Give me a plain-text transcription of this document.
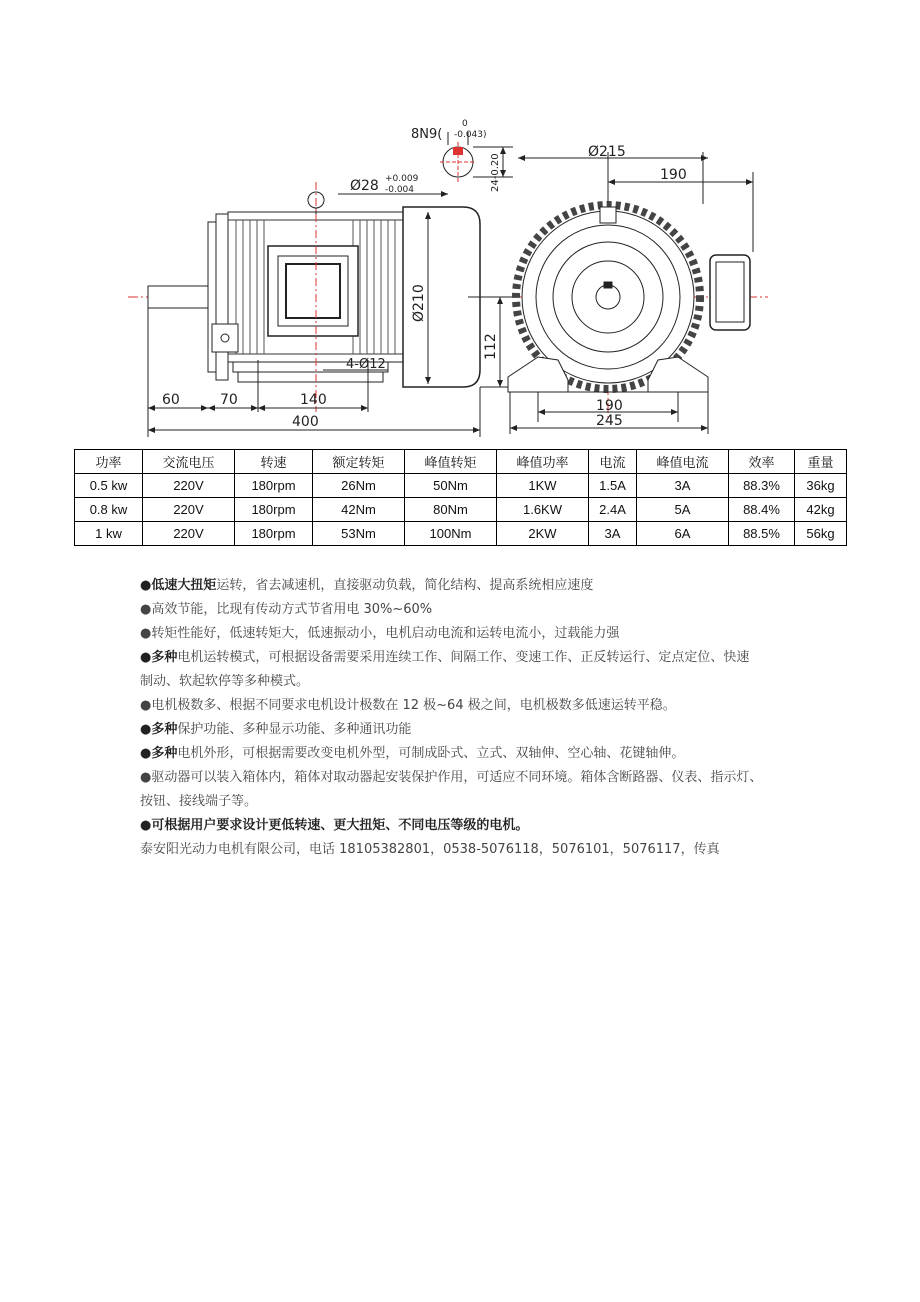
8N9(
0
-0.043)
24-0.20
Ø28 +0.009
-0.004
Ø210
112
4-Ø12
60	70	140
400
Ø215
190
190
245
功率	交流电压	转速	额定转矩	峰值转矩	峰值功率	电流	峰值电流	效率	重量
0.5 kw	220V	180rpm	26Nm	50Nm	1KW	1.5A	3A	88.3%	36kg
0.8 kw	220V	180rpm	42Nm	80Nm	1.6KW	2.4A	5A	88.4%	42kg
1 kw	220V	180rpm	53Nm	100Nm	2KW	3A	6A	88.5%	56kg

●低速大扭矩运转，省去减速机，直接驱动负载，简化结构、提高系统相应速度

●高效节能，比现有传动方式节省用电 30%~60%

●转矩性能好，低速转矩大，低速振动小，电机启动电流和运转电流小，过载能力强

●多种电机运转模式，可根据设备需要采用连续工作、间隔工作、变速工作、正反转运行、定点定位、快速

制动、软起软停等多种模式。

●电机极数多、根据不同要求电机设计极数在 12 极~64 极之间，电机极数多低速运转平稳。

●多种保护功能、多种显示功能、多种通讯功能

●多种电机外形，可根据需要改变电机外型，可制成卧式、立式、双轴伸、空心轴、花键轴伸。

●驱动器可以装入箱体内，箱体对取动器起安装保护作用，可适应不同环境。箱体含断路器、仪表、指示灯、

按钮、接线端子等。

●可根据用户要求设计更低转速、更大扭矩、不同电压等级的电机。

泰安阳光动力电机有限公司，电话 18105382801，0538-5076118，5076101，5076117，传真
